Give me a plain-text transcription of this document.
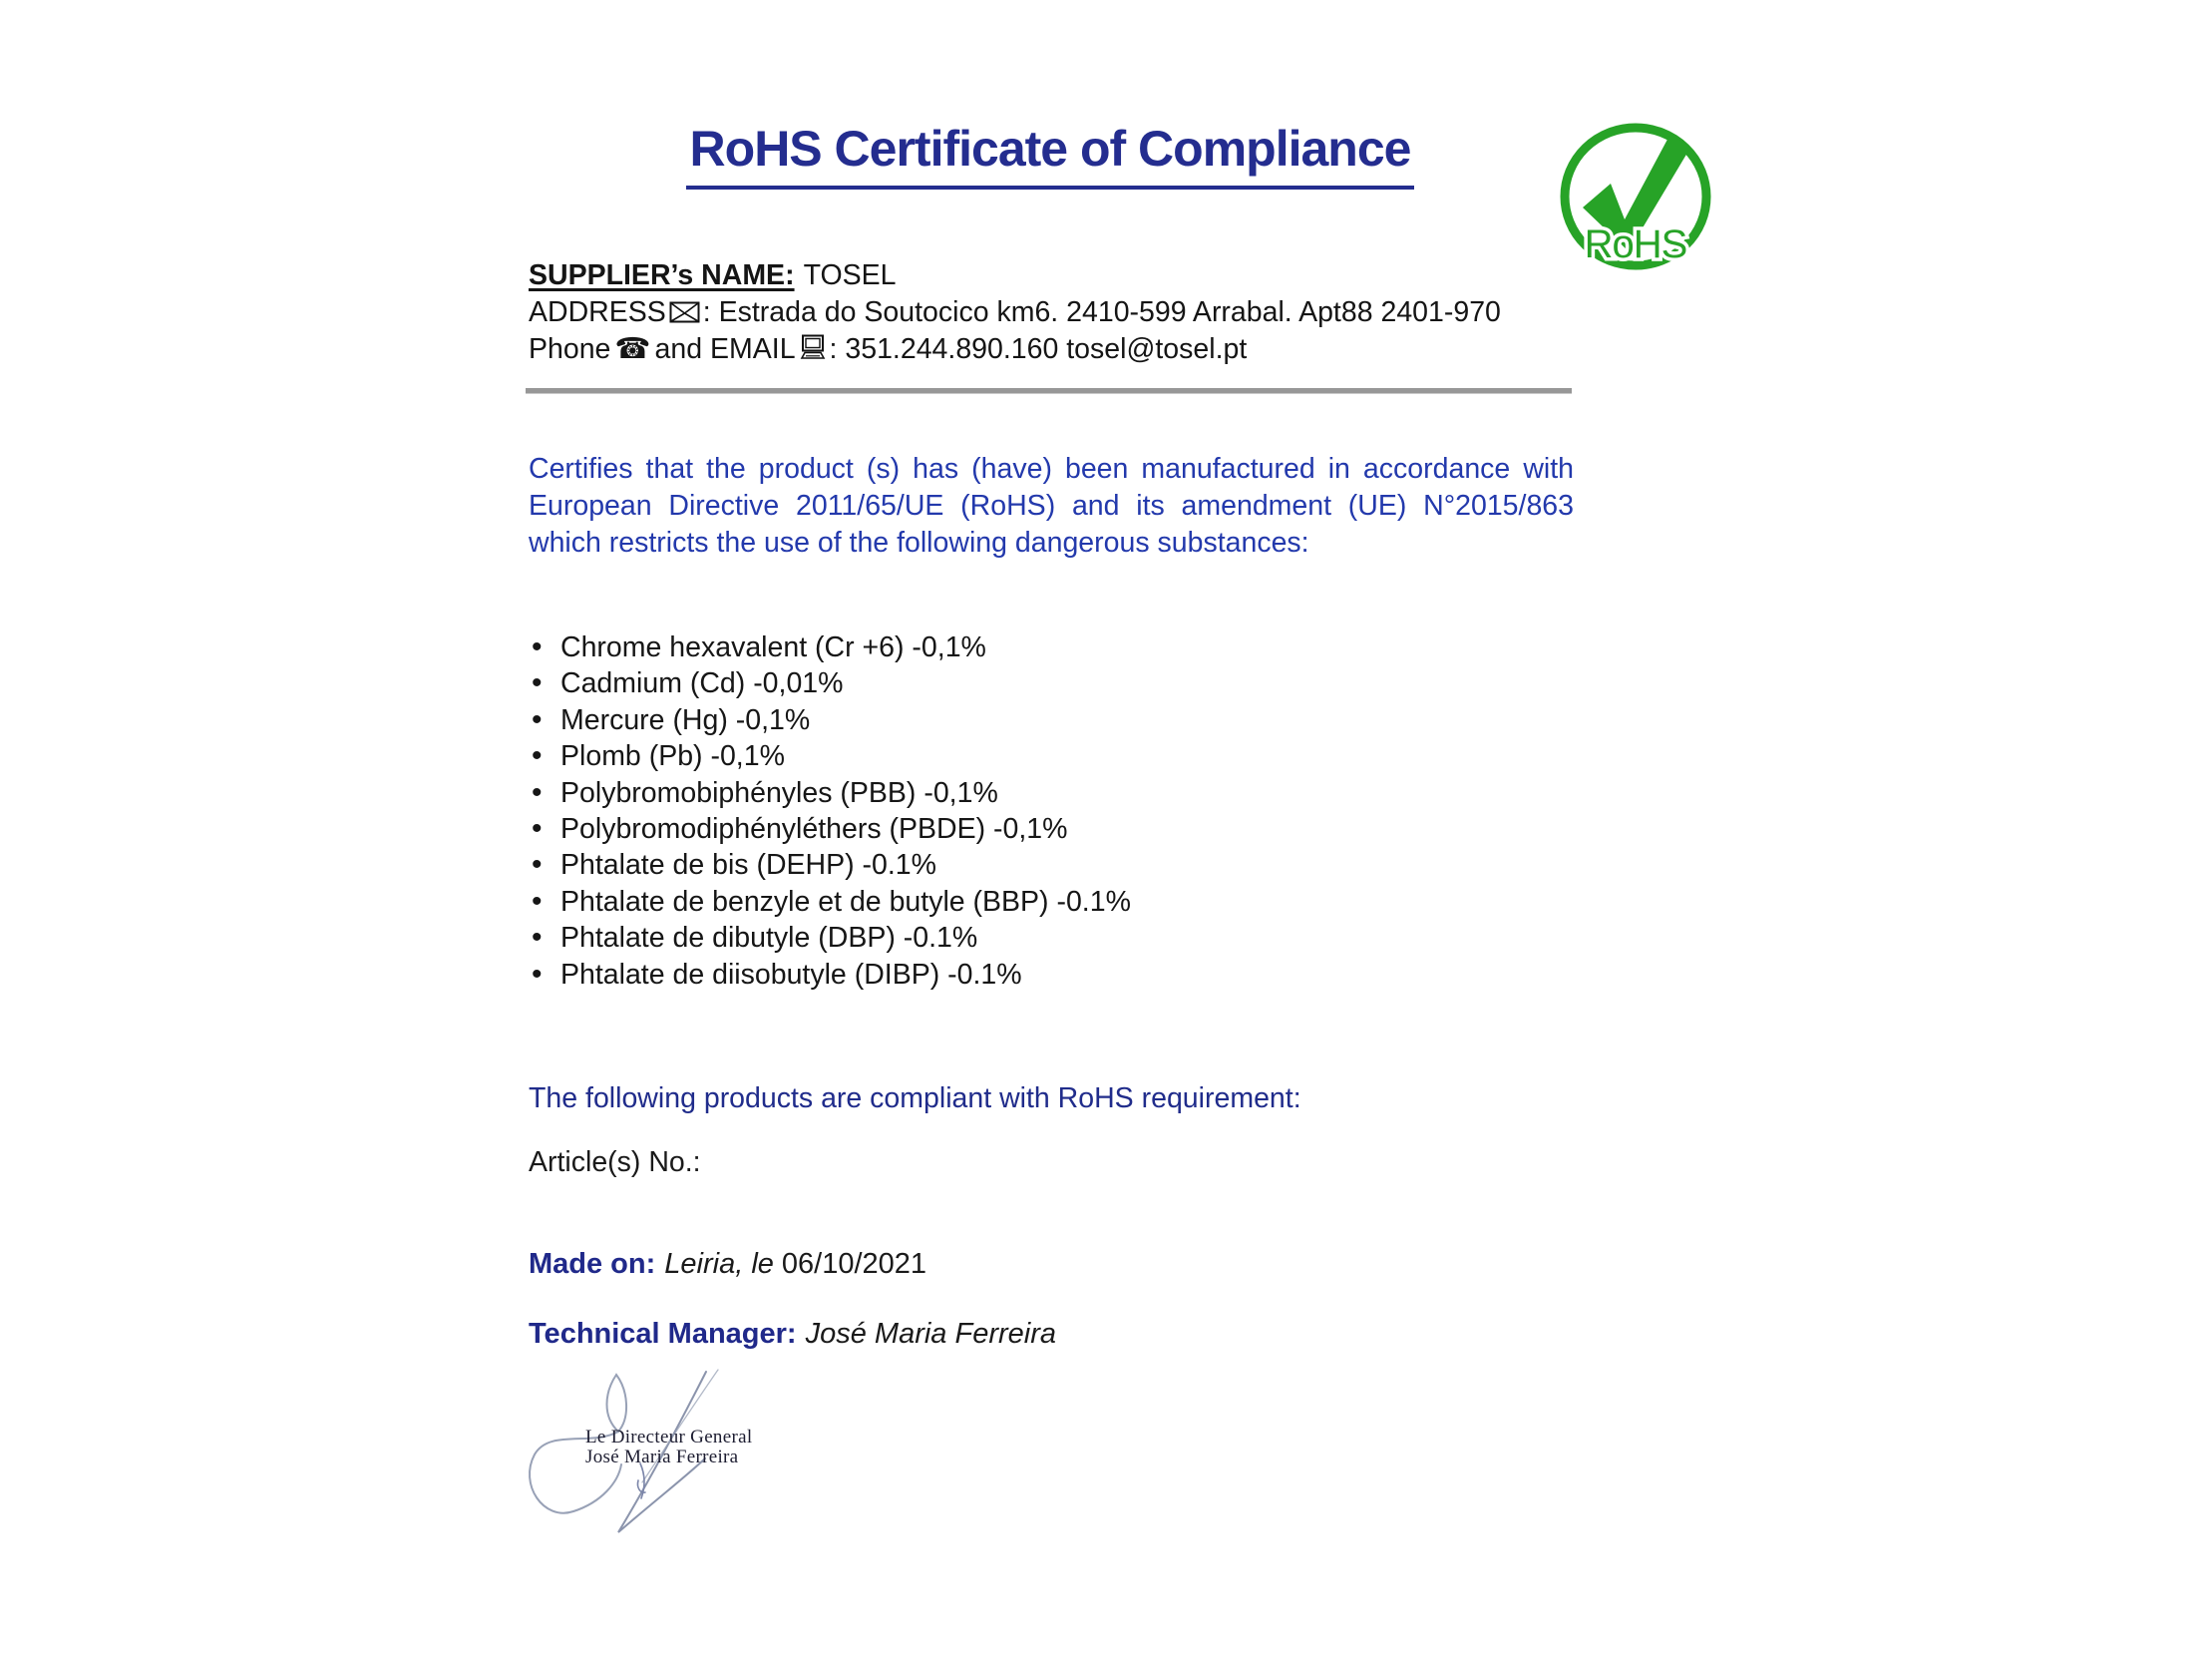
RoHS Certificate of Compliance
RoHS
SUPPLIER’s NAME: TOSEL
ADDRESS : Estrada do Soutocico km6. 2410-599 Arrabal. Apt88 2401-970
Phone ☎ and EMAIL : 351.244.890.160 tosel@tosel.pt

Certifies that the product (s) has (have) been manufactured in accordance with European Directive 2011/65/UE (RoHS) and its amendment (UE) N°2015/863 which restricts the use of the following dangerous substances:

• Chrome hexavalent (Cr +6) -0,1%
• Cadmium (Cd) -0,01%
• Mercure (Hg) -0,1%
• Plomb (Pb) -0,1%
• Polybromobiphényles (PBB) -0,1%
• Polybromodiphényléthers (PBDE) -0,1%
• Phtalate de bis (DEHP) -0.1%
• Phtalate de benzyle et de butyle (BBP) -0.1%
• Phtalate de dibutyle (DBP) -0.1%
• Phtalate de diisobutyle (DIBP) -0.1%
The following products are compliant with RoHS requirement:
Article(s) No.:
Made on: Leiria, le 06/10/2021
Technical Manager: José Maria Ferreira
Le Directeur General
José Maria Ferreira
